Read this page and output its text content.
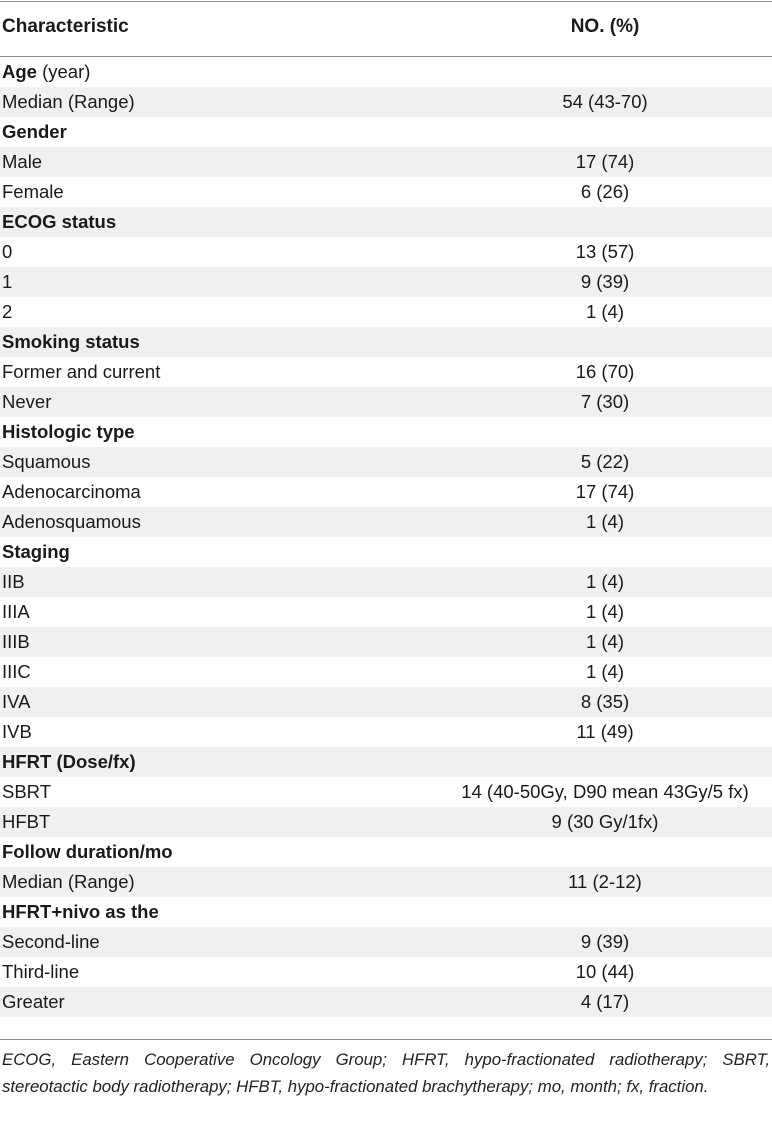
Characteristic	NO. (%)
Age (year)
Median (Range)	54 (43-70)
Gender
Male	17 (74)
Female	6 (26)
ECOG status
0	13 (57)
1	9 (39)
2	1 (4)
Smoking status
Former and current	16 (70)
Never	7 (30)
Histologic type
Squamous	5 (22)
Adenocarcinoma	17 (74)
Adenosquamous	1 (4)
Staging
IIB	1 (4)
IIIA	1 (4)
IIIB	1 (4)
IIIC	1 (4)
IVA	8 (35)
IVB	11 (49)
HFRT (Dose/fx)
SBRT	14 (40-50Gy, D90 mean 43Gy/5 fx)
HFBT	9 (30 Gy/1fx)
Follow duration/mo
Median (Range)	11 (2-12)
HFRT+nivo as the
Second-line	9 (39)
Third-line	10 (44)
Greater	4 (17)
ECOG, Eastern Cooperative Oncology Group; HFRT, hypo-fractionated radiotherapy; SBRT, stereotactic body radiotherapy; HFBT, hypo-fractionated brachytherapy; mo, month; fx, fraction.
